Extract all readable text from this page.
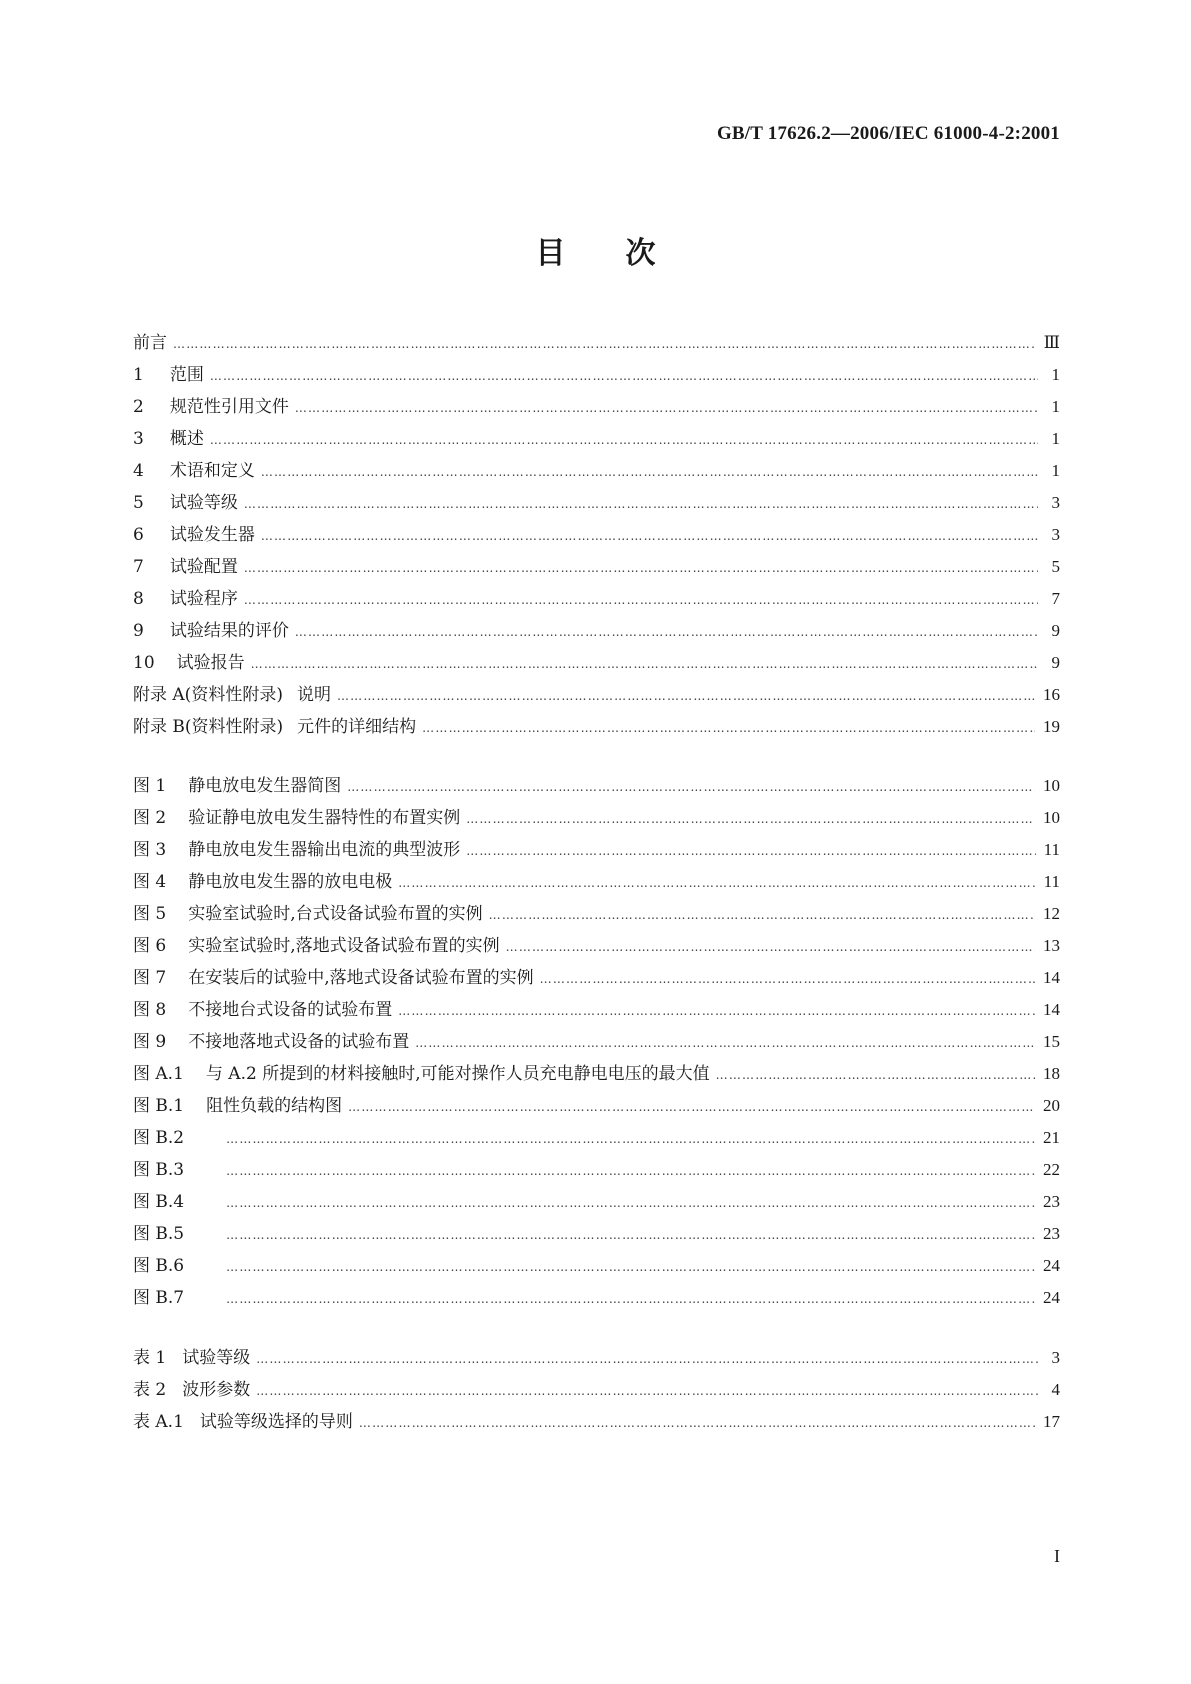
GB/T 17626.2—2006/IEC 61000-4-2:2001
目次
前言 …………………………………………………………………………………………………………………………………………………………………………………………………………………………………………	Ⅲ
1 范围 …………………………………………………………………………………………………………………………………………………………………………………………………………………………………………	1
2 规范性引用文件 …………………………………………………………………………………………………………………………………………………………………………………………………………………………………………	1
3 概述 …………………………………………………………………………………………………………………………………………………………………………………………………………………………………………	1
4 术语和定义 …………………………………………………………………………………………………………………………………………………………………………………………………………………………………………	1
5 试验等级 …………………………………………………………………………………………………………………………………………………………………………………………………………………………………………	3
6 试验发生器 …………………………………………………………………………………………………………………………………………………………………………………………………………………………………………	3
7 试验配置 …………………………………………………………………………………………………………………………………………………………………………………………………………………………………………	5
8 试验程序 …………………………………………………………………………………………………………………………………………………………………………………………………………………………………………	7
9 试验结果的评价 …………………………………………………………………………………………………………………………………………………………………………………………………………………………………………	9
10 试验报告 …………………………………………………………………………………………………………………………………………………………………………………………………………………………………………	9
附录 A(资料性附录) 说明 …………………………………………………………………………………………………………………………………………………………………………………………………………………………………………	16
附录 B(资料性附录) 元件的详细结构 …………………………………………………………………………………………………………………………………………………………………………………………………………………………………………	19
图 1 静电放电发生器简图 …………………………………………………………………………………………………………………………………………………………………………………………………………………………………………	10
图 2 验证静电放电发生器特性的布置实例 …………………………………………………………………………………………………………………………………………………………………………………………………………………………………………	10
图 3 静电放电发生器输出电流的典型波形 …………………………………………………………………………………………………………………………………………………………………………………………………………………………………………	11
图 4 静电放电发生器的放电电极 …………………………………………………………………………………………………………………………………………………………………………………………………………………………………………	11
图 5 实验室试验时,台式设备试验布置的实例 …………………………………………………………………………………………………………………………………………………………………………………………………………………………………………	12
图 6 实验室试验时,落地式设备试验布置的实例 …………………………………………………………………………………………………………………………………………………………………………………………………………………………………………	13
图 7 在安装后的试验中,落地式设备试验布置的实例 …………………………………………………………………………………………………………………………………………………………………………………………………………………………………………	14
图 8 不接地台式设备的试验布置 …………………………………………………………………………………………………………………………………………………………………………………………………………………………………………	14
图 9 不接地落地式设备的试验布置 …………………………………………………………………………………………………………………………………………………………………………………………………………………………………………	15
图 A.1 与 A.2 所提到的材料接触时,可能对操作人员充电静电电压的最大值 …………………………………………………………………………………………………………………………………………………………………………………………………………………………………………	18
图 B.1 阻性负载的结构图 …………………………………………………………………………………………………………………………………………………………………………………………………………………………………………	20
图 B.2 …………………………………………………………………………………………………………………………………………………………………………………………………………………………………………	21
图 B.3 …………………………………………………………………………………………………………………………………………………………………………………………………………………………………………	22
图 B.4 …………………………………………………………………………………………………………………………………………………………………………………………………………………………………………	23
图 B.5 …………………………………………………………………………………………………………………………………………………………………………………………………………………………………………	23
图 B.6 …………………………………………………………………………………………………………………………………………………………………………………………………………………………………………	24
图 B.7 …………………………………………………………………………………………………………………………………………………………………………………………………………………………………………	24
表 1 试验等级 …………………………………………………………………………………………………………………………………………………………………………………………………………………………………………	3
表 2 波形参数 …………………………………………………………………………………………………………………………………………………………………………………………………………………………………………	4
表 A.1 试验等级选择的导则 …………………………………………………………………………………………………………………………………………………………………………………………………………………………………………	17
I
